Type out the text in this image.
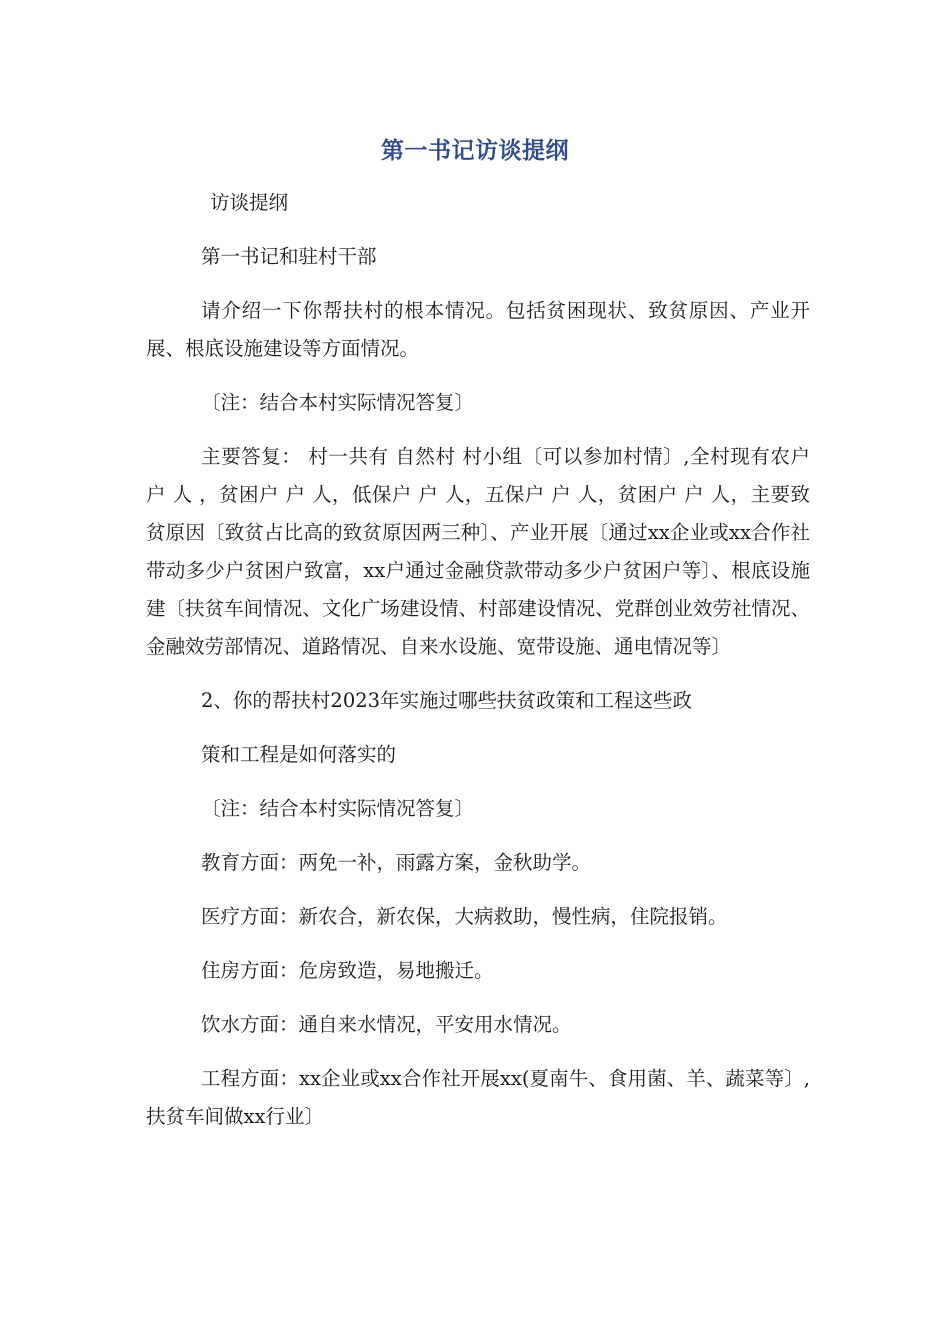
第一书记访谈提纲

访谈提纲

第一书记和驻村干部

请介绍一下你帮扶村的根本情况。包括贫困现状、致贫原因、产业开展、根底设施建设等方面情况。

〔注：结合本村实际情况答复〕

主要答复： 村一共有 自然村 村小组〔可以参加村情〕,全村现有农户 户 人 ，贫困户 户 人，低保户 户 人，五保户 户 人，贫困户 户 人，主要致贫原因〔致贫占比高的致贫原因两三种〕、产业开展〔通过xx企业或xx合作社带动多少户贫困户致富，xx户通过金融贷款带动多少户贫困户等〕、根底设施建〔扶贫车间情况、文化广场建设情、村部建设情况、党群创业效劳社情况、金融效劳部情况、道路情况、自来水设施、宽带设施、通电情况等〕

2、你的帮扶村2023年实施过哪些扶贫政策和工程这些政

策和工程是如何落实的

〔注：结合本村实际情况答复〕

教育方面：两免一补，雨露方案，金秋助学。

医疗方面：新农合，新农保，大病救助，慢性病，住院报销。

住房方面：危房致造，易地搬迁。

饮水方面：通自来水情况，平安用水情况。

工程方面：xx企业或xx合作社开展xx(夏南牛、食用菌、羊、蔬菜等〕,扶贫车间做xx行业〕
